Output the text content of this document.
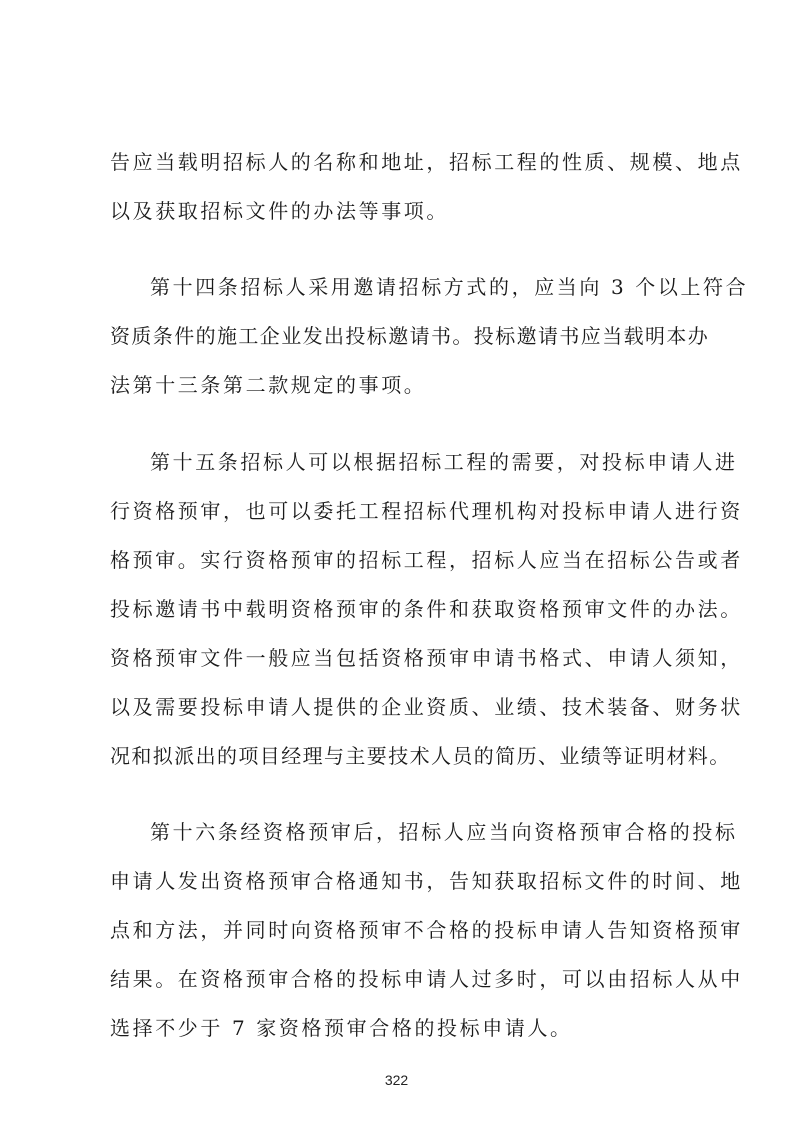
告应当载明招标人的名称和地址，招标工程的性质、规模、地点
以及获取招标文件的办法等事项。
第十四条招标人采用邀请招标方式的，应当向 3 个以上符合
资质条件的施工企业发出投标邀请书。投标邀请书应当载明本办
法第十三条第二款规定的事项。
第十五条招标人可以根据招标工程的需要，对投标申请人进
行资格预审，也可以委托工程招标代理机构对投标申请人进行资
格预审。实行资格预审的招标工程，招标人应当在招标公告或者
投标邀请书中载明资格预审的条件和获取资格预审文件的办法。
资格预审文件一般应当包括资格预审申请书格式、申请人须知，
以及需要投标申请人提供的企业资质、业绩、技术装备、财务状
况和拟派出的项目经理与主要技术人员的简历、业绩等证明材料。
第十六条经资格预审后，招标人应当向资格预审合格的投标
申请人发出资格预审合格通知书，告知获取招标文件的时间、地
点和方法，并同时向资格预审不合格的投标申请人告知资格预审
结果。在资格预审合格的投标申请人过多时，可以由招标人从中
选择不少于 7 家资格预审合格的投标申请人。
322
